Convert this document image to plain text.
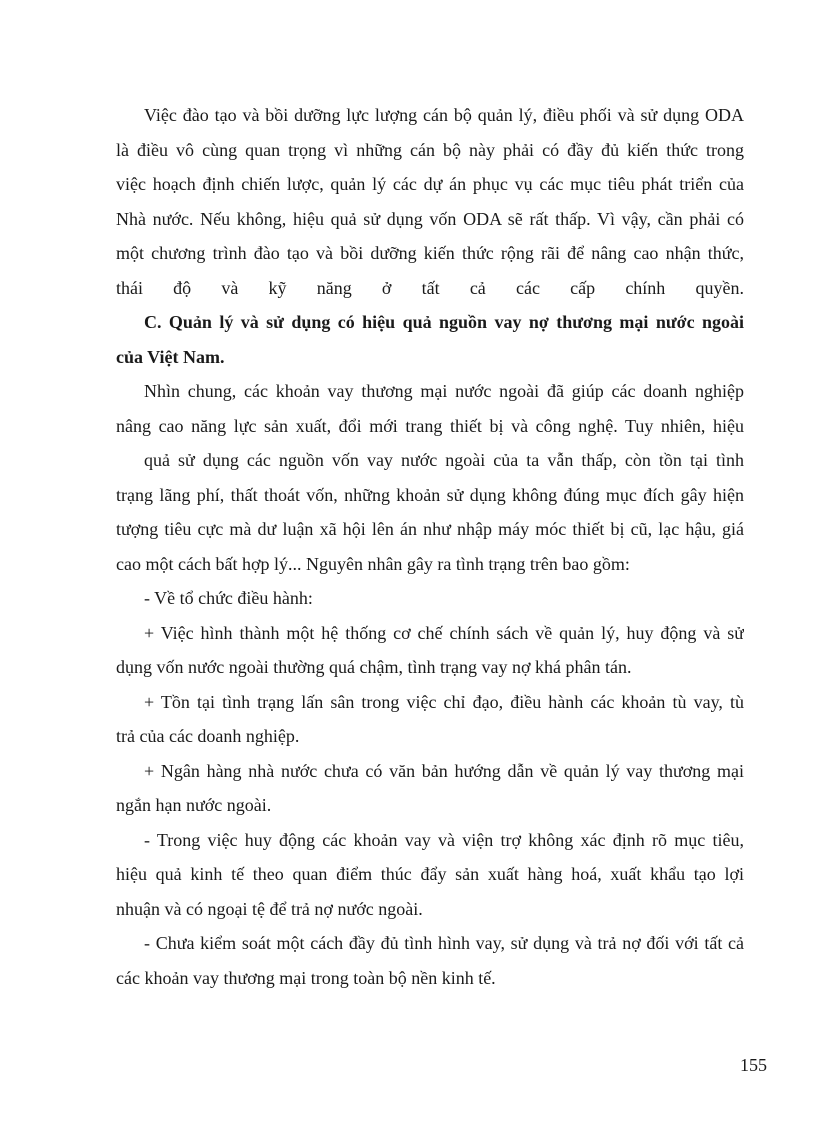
Việc đào tạo và bồi dưỡng lực lượng cán bộ quản lý, điều phối và sử dụng ODA
là điều vô cùng quan trọng vì những cán bộ này phải có đầy đủ kiến thức trong
việc hoạch định chiến lược, quản lý các dự án phục vụ các mục tiêu phát triển của
Nhà nước. Nếu không, hiệu quả sử dụng vốn ODA sẽ rất thấp. Vì vậy, cần phải có
một chương trình đào tạo và bồi dưỡng kiến thức rộng rãi để nâng cao nhận thức,
thái độ và kỹ năng ở tất cả các cấp chính quyền.
C. Quản lý và sử dụng có hiệu quả nguồn vay nợ thương mại nước ngoài
của Việt Nam.
Nhìn chung, các khoản vay thương mại nước ngoài đã giúp các doanh nghiệp
nâng cao năng lực sản xuất, đổi mới trang thiết bị và công nghệ. Tuy nhiên, hiệu
quả sử dụng các nguồn vốn vay nước ngoài của ta vẫn thấp, còn tồn tại tình
trạng lãng phí, thất thoát vốn, những khoản sử dụng không đúng mục đích gây hiện
tượng tiêu cực mà dư luận xã hội lên án như nhập máy móc thiết bị cũ, lạc hậu, giá
cao một cách bất hợp lý... Nguyên nhân gây ra tình trạng trên bao gồm:
- Về tổ chức điều hành:
+ Việc hình thành một hệ thống cơ chế chính sách về quản lý, huy động và sử
dụng vốn nước ngoài thường quá chậm, tình trạng vay nợ khá phân tán.
+ Tồn tại tình trạng lấn sân trong việc chỉ đạo, điều hành các khoản tù vay, tù
trả của các doanh nghiệp.
+ Ngân hàng nhà nước chưa có văn bản hướng dẫn về quản lý vay thương mại
ngắn hạn nước ngoài.
- Trong việc huy động các khoản vay và viện trợ không xác định rõ mục tiêu,
hiệu quả kinh tế theo quan điểm thúc đẩy sản xuất hàng hoá, xuất khẩu tạo lợi
nhuận và có ngoại tệ để trả nợ nước ngoài.
- Chưa kiểm soát một cách đầy đủ tình hình vay, sử dụng và trả nợ đối với tất cả
các khoản vay thương mại trong toàn bộ nền kinh tế.
155
